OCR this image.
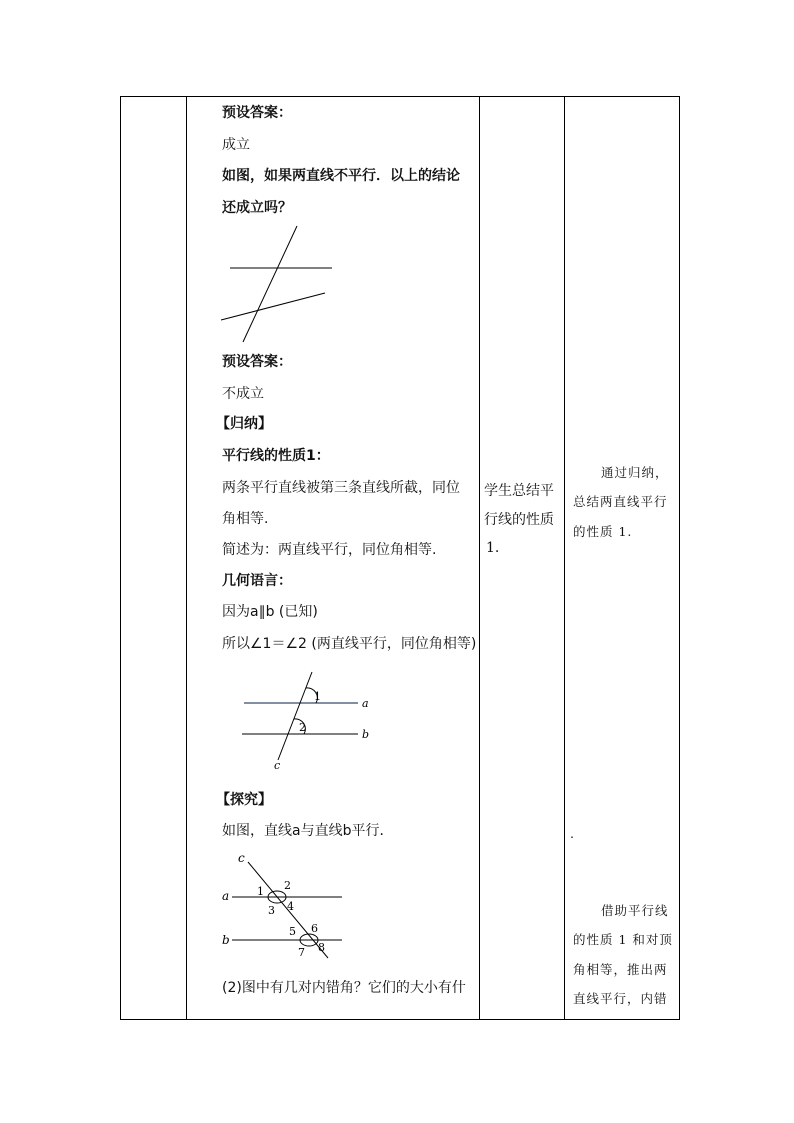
预设答案：
成立
如图，如果两直线不平行．以上的结论
还成立吗？
预设答案：
不成立
【归纳】
平行线的性质1：
两条平行直线被第三条直线所截，同位
角相等.
简述为：两直线平行，同位角相等.
几何语言：
因为a∥b (已知)
所以∠1＝∠2 (两直线平行，同位角相等)
1
2
a
b
c
【探究】
如图，直线a与直线b平行．
c
a
b
1 2
3 4
5 6
7 8
(2)图中有几对内错角？它们的大小有什
学生总结平
行线的性质
1.
通过归纳，
总结两直线平行
的性质 1.
.
借助平行线
的性质 1 和对顶
角相等，推出两
直线平行，内错
